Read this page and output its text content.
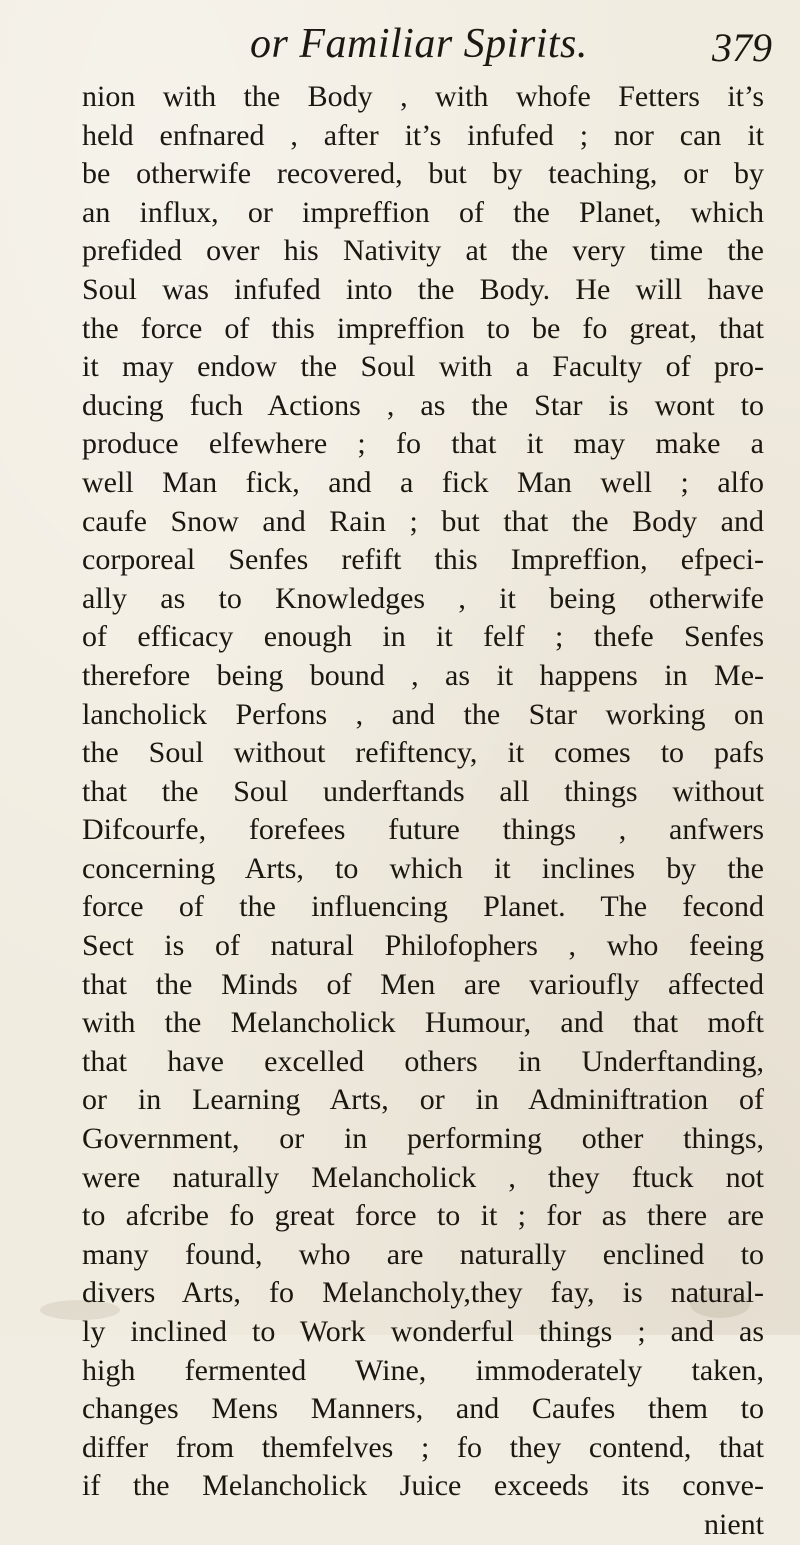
or Familiar Spirits.	379
nion with the Body , with whofe Fetters it’s
held enfnared , after it’s infufed ; nor can it
be otherwife recovered, but by teaching, or by
an influx, or impreffion of the Planet, which
prefided over his Nativity at the very time the
Soul was infufed into the Body. He will have
the force of this impreffion to be fo great, that
it may endow the Soul with a Faculty of pro-
ducing fuch Actions , as the Star is wont to
produce elfewhere ; fo that it may make a
well Man fick, and a fick Man well ; alfo
caufe Snow and Rain ; but that the Body and
corporeal Senfes refift this Impreffion, efpeci-
ally as to Knowledges , it being otherwife
of efficacy enough in it felf ; thefe Senfes
therefore being bound , as it happens in Me-
lancholick Perfons , and the Star working on
the Soul without refiftency, it comes to pafs
that the Soul underftands all things without
Difcourfe, forefees future things , anfwers
concerning Arts, to which it inclines by the
force of the influencing Planet. The fecond
Sect is of natural Philofophers , who feeing
that the Minds of Men are varioufly affected
with the Melancholick Humour, and that moft
that have excelled others in Underftanding,
or in Learning Arts, or in Adminiftration of
Government, or in performing other things,
were naturally Melancholick , they ftuck not
to afcribe fo great force to it ; for as there are
many found, who are naturally enclined to
divers Arts, fo Melancholy,they fay, is natural-
ly inclined to Work wonderful things ; and as
high fermented Wine, immoderately taken,
changes Mens Manners, and Caufes them to
differ from themfelves ; fo they contend, that
if the Melancholick Juice exceeds its conve-
nient
